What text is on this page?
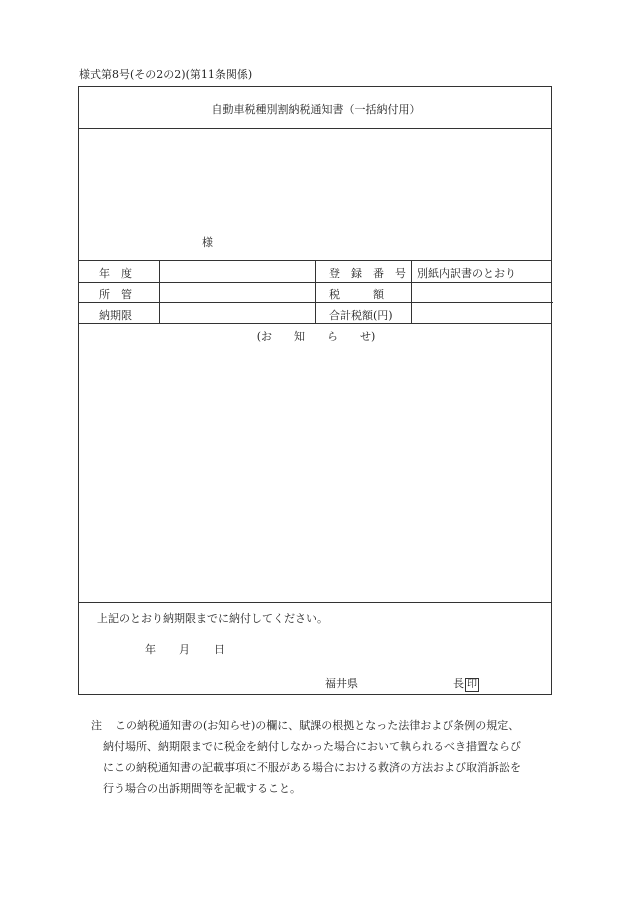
様式第8号(その2の2)(第11条関係)
自動車税種別割納税通知書（一括納付用）
様
年　度
所　管
納期限
登　録　番　号
税　　　額
合計税額(円)
別紙内訳書のとおり
(お　　知　　ら　　せ)
上記のとおり納期限までに納付してください。
年 月 日
福井県	長 印
注 この納税通知書の(お知らせ)の欄に、賦課の根拠となった法律および条例の規定、
納付場所、納期限までに税金を納付しなかった場合において執られるべき措置ならび
にこの納税通知書の記載事項に不服がある場合における救済の方法および取消訴訟を
行う場合の出訴期間等を記載すること。
